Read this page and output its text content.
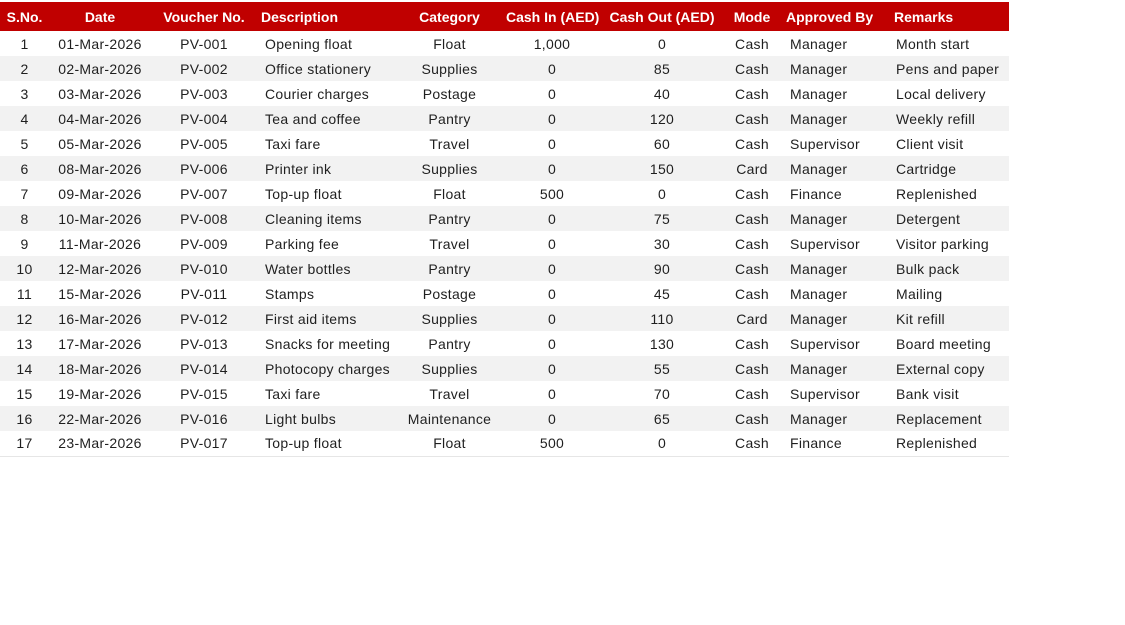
S.No.	Date	Voucher No.	Description	Category	Cash In (AED)	Cash Out (AED)	Mode	Approved By	Remarks
1	01-Mar-2026	PV-001	Opening float	Float	1,000	0	Cash	Manager	Month start
2	02-Mar-2026	PV-002	Office stationery	Supplies	0	85	Cash	Manager	Pens and paper
3	03-Mar-2026	PV-003	Courier charges	Postage	0	40	Cash	Manager	Local delivery
4	04-Mar-2026	PV-004	Tea and coffee	Pantry	0	120	Cash	Manager	Weekly refill
5	05-Mar-2026	PV-005	Taxi fare	Travel	0	60	Cash	Supervisor	Client visit
6	08-Mar-2026	PV-006	Printer ink	Supplies	0	150	Card	Manager	Cartridge
7	09-Mar-2026	PV-007	Top-up float	Float	500	0	Cash	Finance	Replenished
8	10-Mar-2026	PV-008	Cleaning items	Pantry	0	75	Cash	Manager	Detergent
9	11-Mar-2026	PV-009	Parking fee	Travel	0	30	Cash	Supervisor	Visitor parking
10	12-Mar-2026	PV-010	Water bottles	Pantry	0	90	Cash	Manager	Bulk pack
11	15-Mar-2026	PV-011	Stamps	Postage	0	45	Cash	Manager	Mailing
12	16-Mar-2026	PV-012	First aid items	Supplies	0	110	Card	Manager	Kit refill
13	17-Mar-2026	PV-013	Snacks for meeting	Pantry	0	130	Cash	Supervisor	Board meeting
14	18-Mar-2026	PV-014	Photocopy charges	Supplies	0	55	Cash	Manager	External copy
15	19-Mar-2026	PV-015	Taxi fare	Travel	0	70	Cash	Supervisor	Bank visit
16	22-Mar-2026	PV-016	Light bulbs	Maintenance	0	65	Cash	Manager	Replacement
17	23-Mar-2026	PV-017	Top-up float	Float	500	0	Cash	Finance	Replenished
